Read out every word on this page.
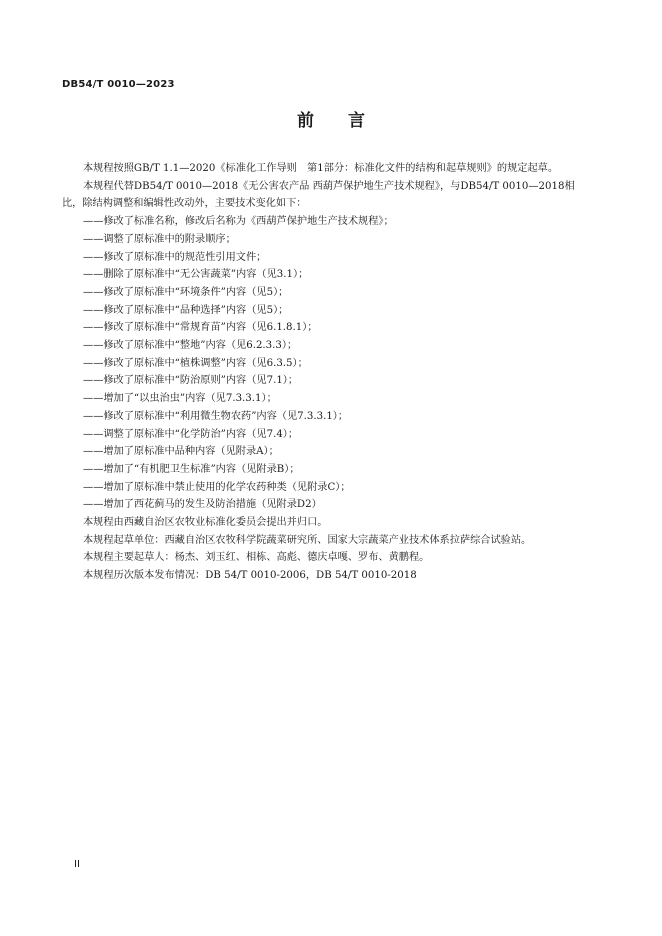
DB54/T 0010—2023
前　　言

本规程按照GB/T 1.1—2020《标准化工作导则　第1部分：标准化文件的结构和起草规则》的规定起草。

本规程代替DB54/T 0010—2018《无公害农产品 西葫芦保护地生产技术规程》，与DB54/T 0010—2018相比，除结构调整和编辑性改动外，主要技术变化如下：

——修改了标准名称，修改后名称为《西葫芦保护地生产技术规程》；

——调整了原标准中的附录顺序；

——修改了原标准中的规范性引用文件；

——删除了原标准中“无公害蔬菜”内容（见3.1）；

——修改了原标准中“环境条件”内容（见5）；

——修改了原标准中“品种选择”内容（见5）；

——修改了原标准中“常规育苗”内容（见6.1.8.1）；

——修改了原标准中“整地”内容（见6.2.3.3）；

——修改了原标准中“植株调整”内容（见6.3.5）；

——修改了原标准中“防治原则”内容（见7.1）；

——增加了“以虫治虫”内容（见7.3.3.1）；

——修改了原标准中“利用微生物农药”内容（见7.3.3.1）；

——调整了原标准中“化学防治”内容（见7.4）；

——增加了原标准中品种内容（见附录A）；

——增加了“有机肥卫生标准”内容（见附录B）；

——增加了原标准中禁止使用的化学农药种类（见附录C）；

——增加了西花蓟马的发生及防治措施（见附录D2）

本规程由西藏自治区农牧业标准化委员会提出并归口。

本规程起草单位：西藏自治区农牧科学院蔬菜研究所、国家大宗蔬菜产业技术体系拉萨综合试验站。

本规程主要起草人：杨杰、刘玉红、相栋、高彪、德庆卓嘎、罗布、黄鹏程。

本规程历次版本发布情况：DB 54/T 0010-2006，DB 54/T 0010-2018

II
